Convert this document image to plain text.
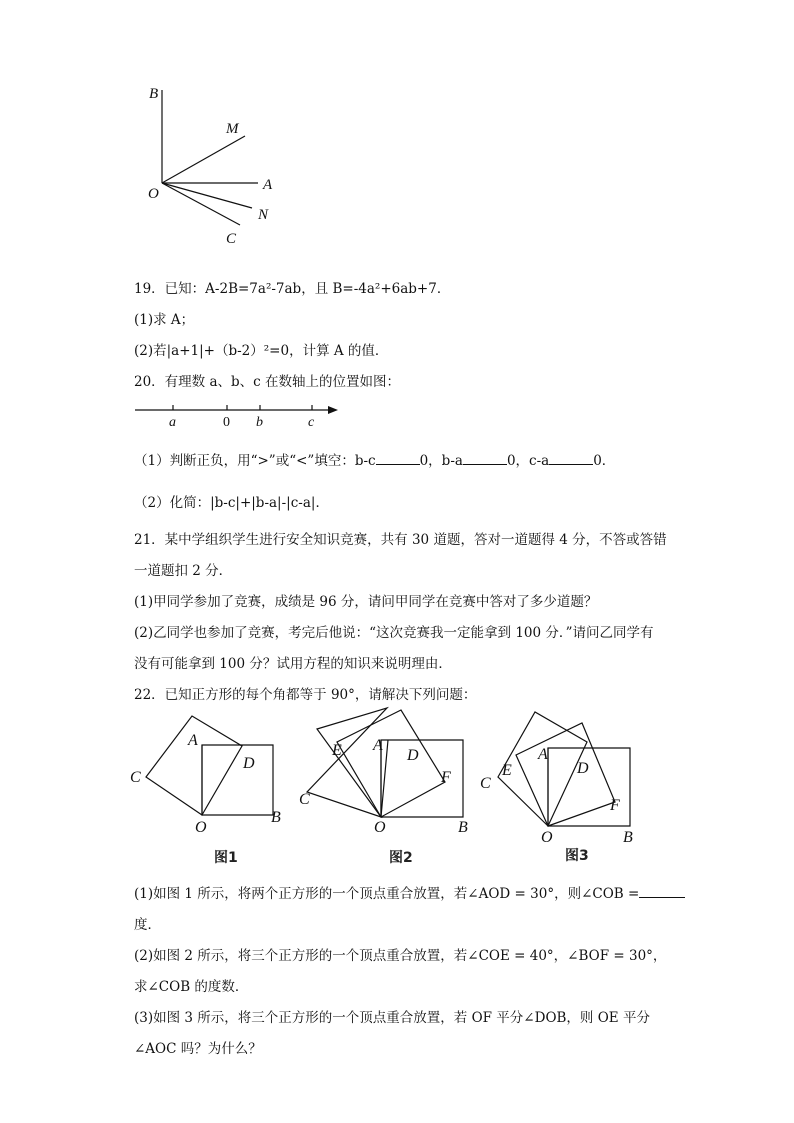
B
M
O
A
N
C
19．已知：A-2B=7a²-7ab，且 B=-4a²+6ab+7．
(1)求 A；
(2)若|a+1|+（b-2）²=0，计算 A 的值．
20．有理数 a、b、c 在数轴上的位置如图：
a	0 b	c
（1）判断正负，用“>”或“<”填空：b-c	0，b-a	0，c-a	0．
（2）化简：|b-c|+|b-a|-|c-a|．
21．某中学组织学生进行安全知识竞赛，共有 30 道题，答对一道题得 4 分，不答或答错
一道题扣 2 分．
(1)甲同学参加了竞赛，成绩是 96 分，请问甲同学在竞赛中答对了多少道题？
(2)乙同学也参加了竞赛，考完后他说：“这次竞赛我一定能拿到 100 分．”请问乙同学有
没有可能拿到 100 分？试用方程的知识来说明理由．
22．已知正方形的每个角都等于 90°，请解决下列问题：
A
C
D
O
B
E A
D
C
F
O	B
C
E
A
D
F
O	B
图1	图2	图3
(1)如图 1 所示，将两个正方形的一个顶点重合放置，若∠AOD = 30°，则∠COB =
度．
(2)如图 2 所示，将三个正方形的一个顶点重合放置，若∠COE = 40°，∠BOF = 30°，
求∠COB 的度数．
(3)如图 3 所示，将三个正方形的一个顶点重合放置，若 OF 平分∠DOB，则 OE 平分
∠AOC 吗？为什么？
